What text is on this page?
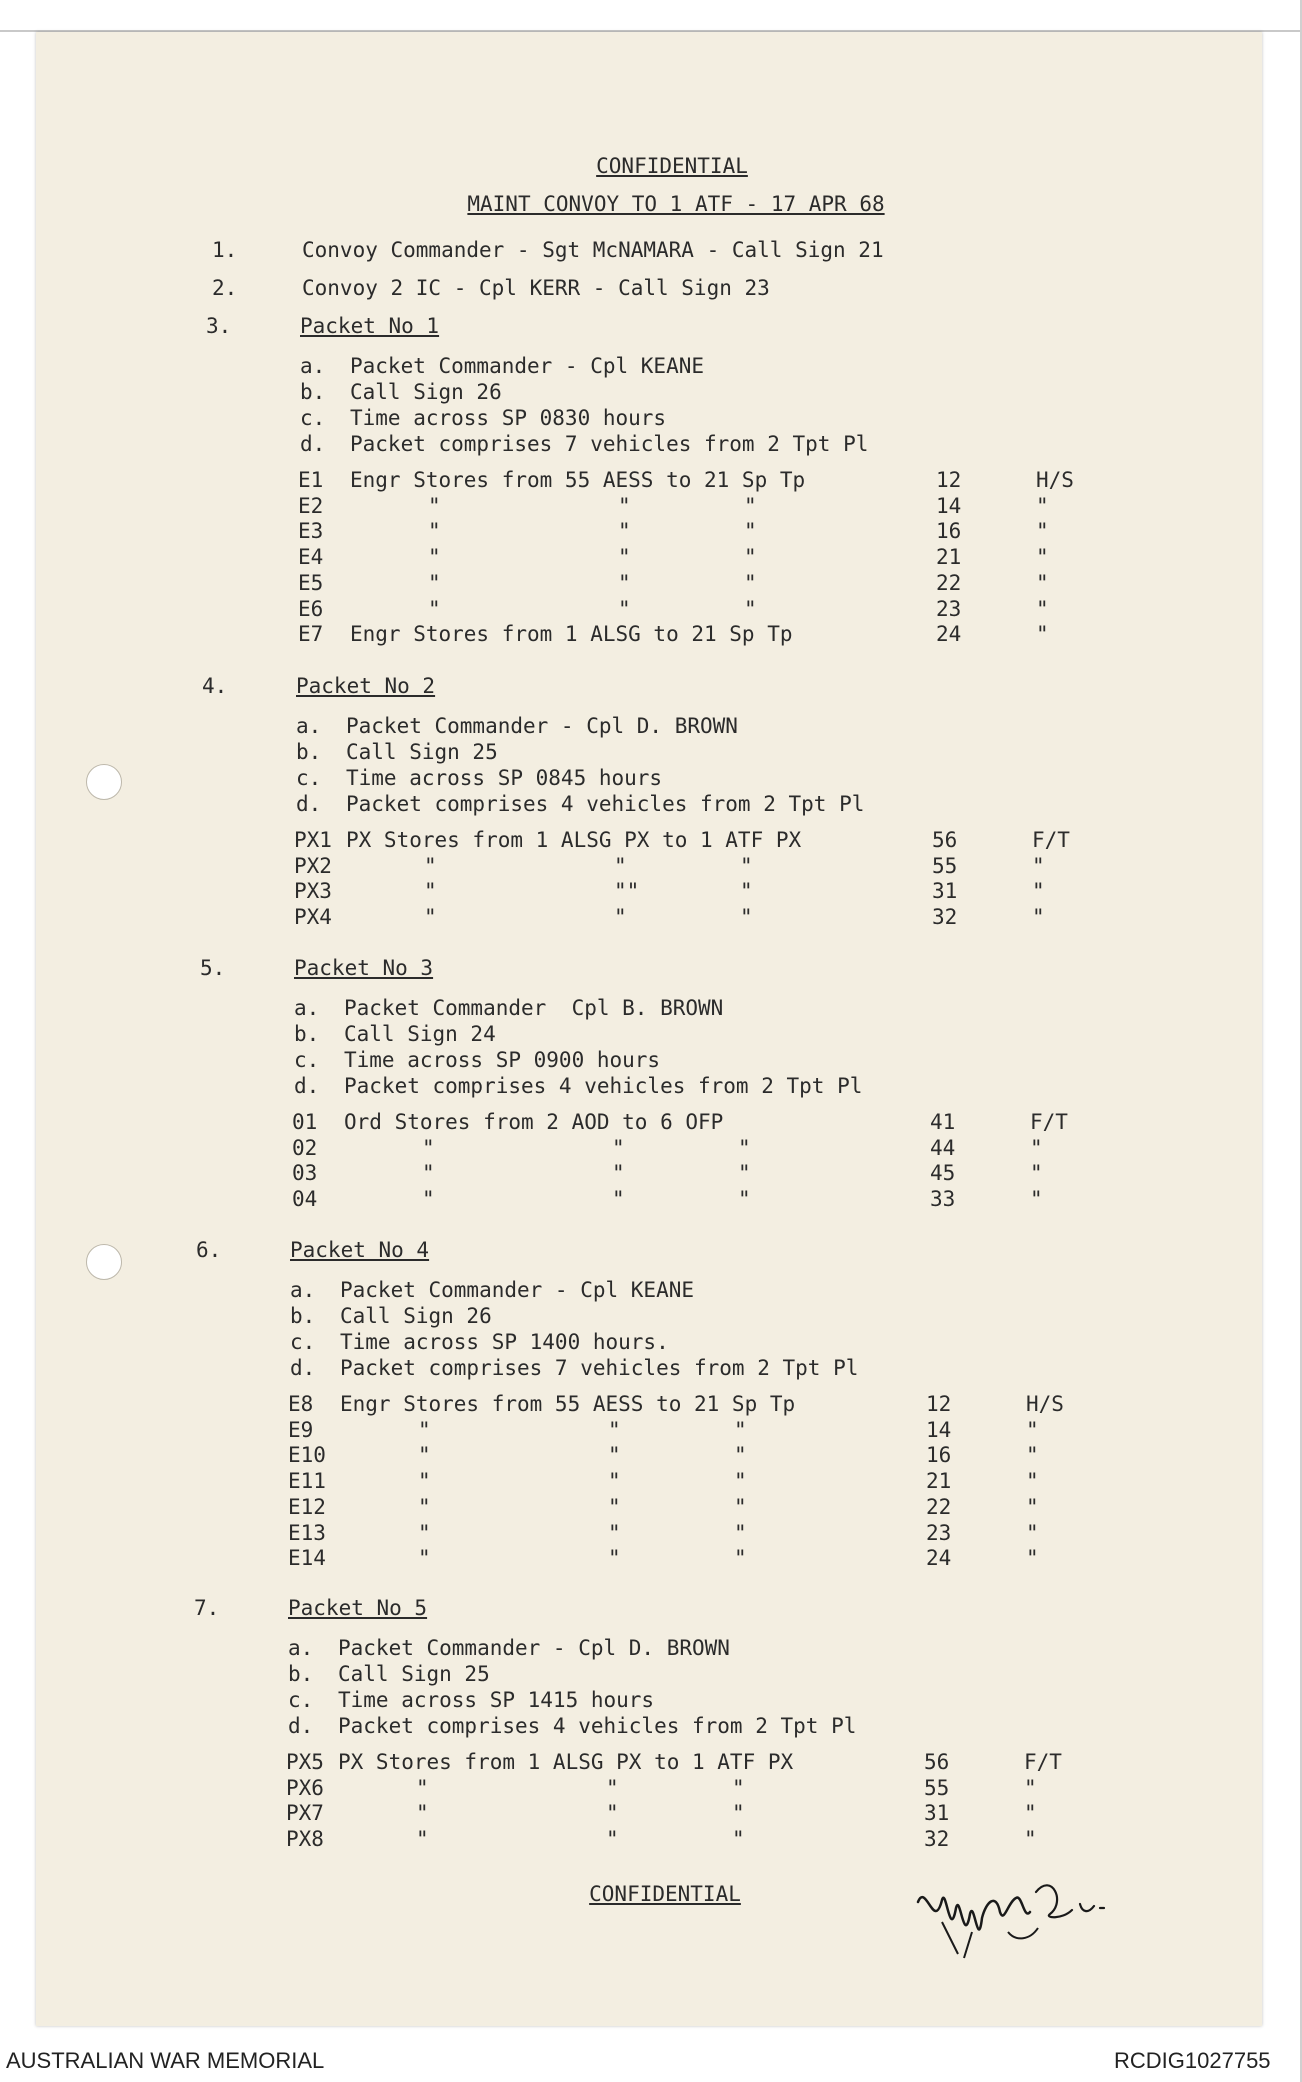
CONFIDENTIAL
MAINT CONVOY TO 1 ATF - 17 APR 68
1.	Convoy Commander - Sgt McNAMARA - Call Sign 21
2.	Convoy 2 IC - Cpl KERR - Call Sign 23
3.	Packet No 1
a. Packet Commander - Cpl KEANE
b. Call Sign 26
c. Time across SP 0830 hours
d. Packet comprises 7 vehicles from 2 Tpt Pl
E1 Engr Stores from 55 AESS to 21 Sp Tp	12	H/S
E2	"	"	"	14	"
E3	"	"	"	16	"
E4	"	"	"	21	"
E5	"	"	"	22	"
E6	"	"	"	23	"
E7 Engr Stores from 1 ALSG to 21 Sp Tp	24	"
4.	Packet No 2
a. Packet Commander - Cpl D. BROWN
b. Call Sign 25
c. Time across SP 0845 hours
d. Packet comprises 4 vehicles from 2 Tpt Pl
PX1 PX Stores from 1 ALSG PX to 1 ATF PX	56	F/T
PX2	"	"	"	55	"
PX3	"	""	"	31	"
PX4	"	"	"	32	"
5.	Packet No 3
a. Packet Commander  Cpl B. BROWN
b. Call Sign 24
c. Time across SP 0900 hours
d. Packet comprises 4 vehicles from 2 Tpt Pl
01 Ord Stores from 2 AOD to 6 OFP	41	F/T
02	"	"	"	44	"
03	"	"	"	45	"
04	"	"	"	33	"
6.	Packet No 4
a. Packet Commander - Cpl KEANE
b. Call Sign 26
c. Time across SP 1400 hours.
d. Packet comprises 7 vehicles from 2 Tpt Pl
E8 Engr Stores from 55 AESS to 21 Sp Tp	12	H/S
E9	"	"	"	14	"
E10	"	"	"	16	"
E11	"	"	"	21	"
E12	"	"	"	22	"
E13	"	"	"	23	"
E14	"	"	"	24	"
7.	Packet No 5
a. Packet Commander - Cpl D. BROWN
b. Call Sign 25
c. Time across SP 1415 hours
d. Packet comprises 4 vehicles from 2 Tpt Pl
PX5 PX Stores from 1 ALSG PX to 1 ATF PX	56	F/T
PX6	"	"	"	55	"
PX7	"	"	"	31	"
PX8	"	"	"	32	"
CONFIDENTIAL
AUSTRALIAN WAR MEMORIAL	RCDIG1027755
